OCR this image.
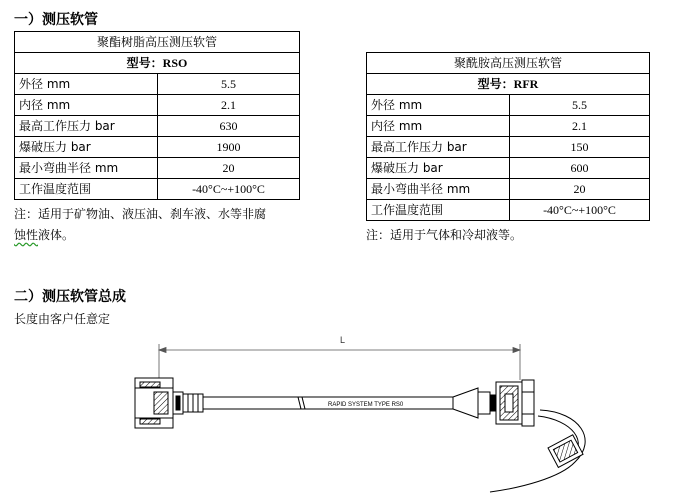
一）测压软管
聚酯树脂高压测压软管	
型号：RSO	
外径 mm	5.5
内径 mm	2.1
最高工作压力 bar	630
爆破压力 bar	1900
最小弯曲半径 mm	20
工作温度范围	-40°C~+100°C
注：适用于矿物油、液压油、刹车液、水等非腐
蚀性液体。
聚酰胺高压测压软管	
型号：RFR	
外径 mm	5.5
内径 mm	2.1
最高工作压力 bar	150
爆破压力 bar	600
最小弯曲半径 mm	20
工作温度范围	-40°C~+100°C
注：适用于气体和冷却液等。
二）测压软管总成
长度由客户任意定
L
RAPID SYSTEM TYPE RS0
